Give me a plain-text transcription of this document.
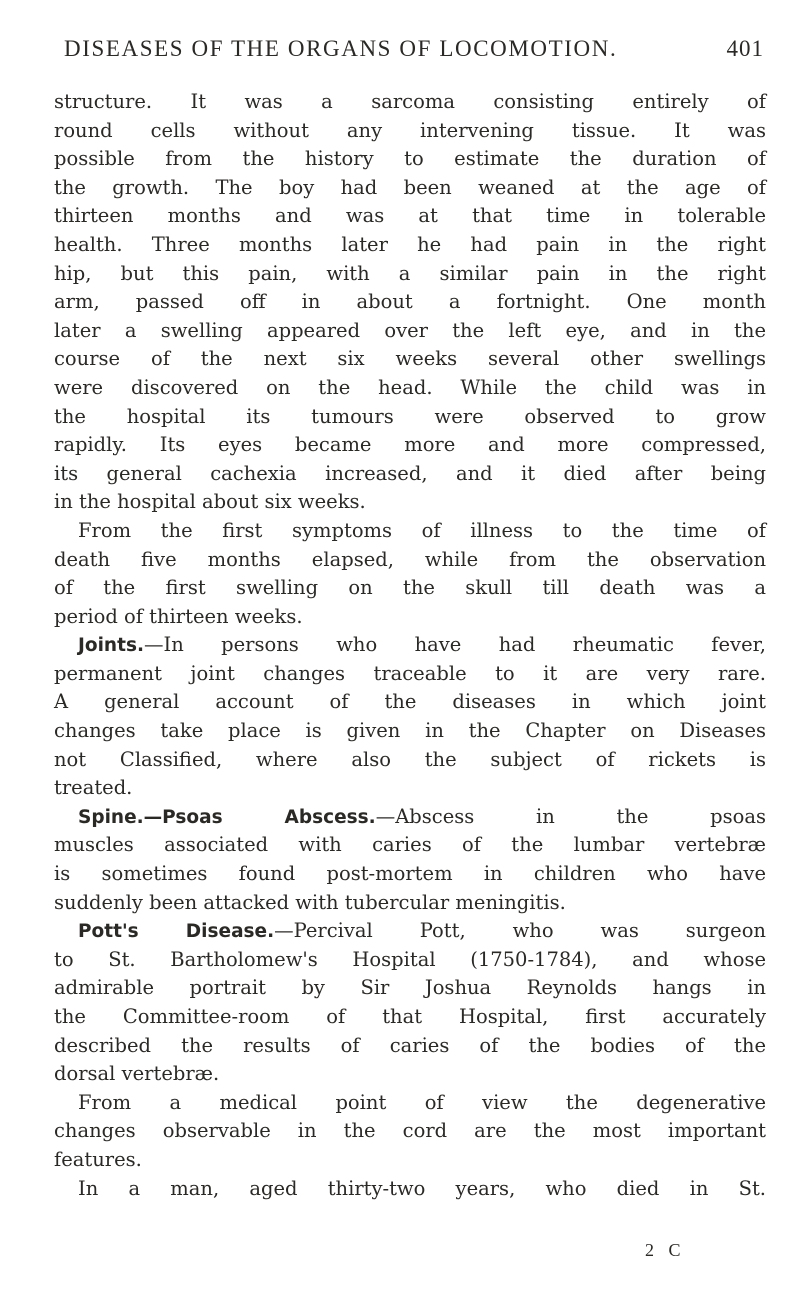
DISEASES OF THE ORGANS OF LOCOMOTION.	401
structure. It was a sarcoma consisting entirely of
round cells without any intervening tissue. It was
possible from the history to estimate the duration of
the growth. The boy had been weaned at the age of
thirteen months and was at that time in tolerable
health. Three months later he had pain in the right
hip, but this pain, with a similar pain in the right
arm, passed off in about a fortnight. One month
later a swelling appeared over the left eye, and in the
course of the next six weeks several other swellings
were discovered on the head. While the child was in
the hospital its tumours were observed to grow
rapidly. Its eyes became more and more compressed,
its general cachexia increased, and it died after being
in the hospital about six weeks.
From the first symptoms of illness to the time of
death five months elapsed, while from the observation
of the first swelling on the skull till death was a
period of thirteen weeks.
Joints.—In persons who have had rheumatic fever,
permanent joint changes traceable to it are very rare.
A general account of the diseases in which joint
changes take place is given in the Chapter on Diseases
not Classified, where also the subject of rickets is
treated.
Spine.—Psoas Abscess.—Abscess in the psoas
muscles associated with caries of the lumbar vertebræ
is sometimes found post-mortem in children who have
suddenly been attacked with tubercular meningitis.
Pott's Disease.—Percival Pott, who was surgeon
to St. Bartholomew's Hospital (1750-1784), and whose
admirable portrait by Sir Joshua Reynolds hangs in
the Committee-room of that Hospital, first accurately
described the results of caries of the bodies of the
dorsal vertebræ.
From a medical point of view the degenerative
changes observable in the cord are the most important
features.
In a man, aged thirty-two years, who died in St.
2 C
